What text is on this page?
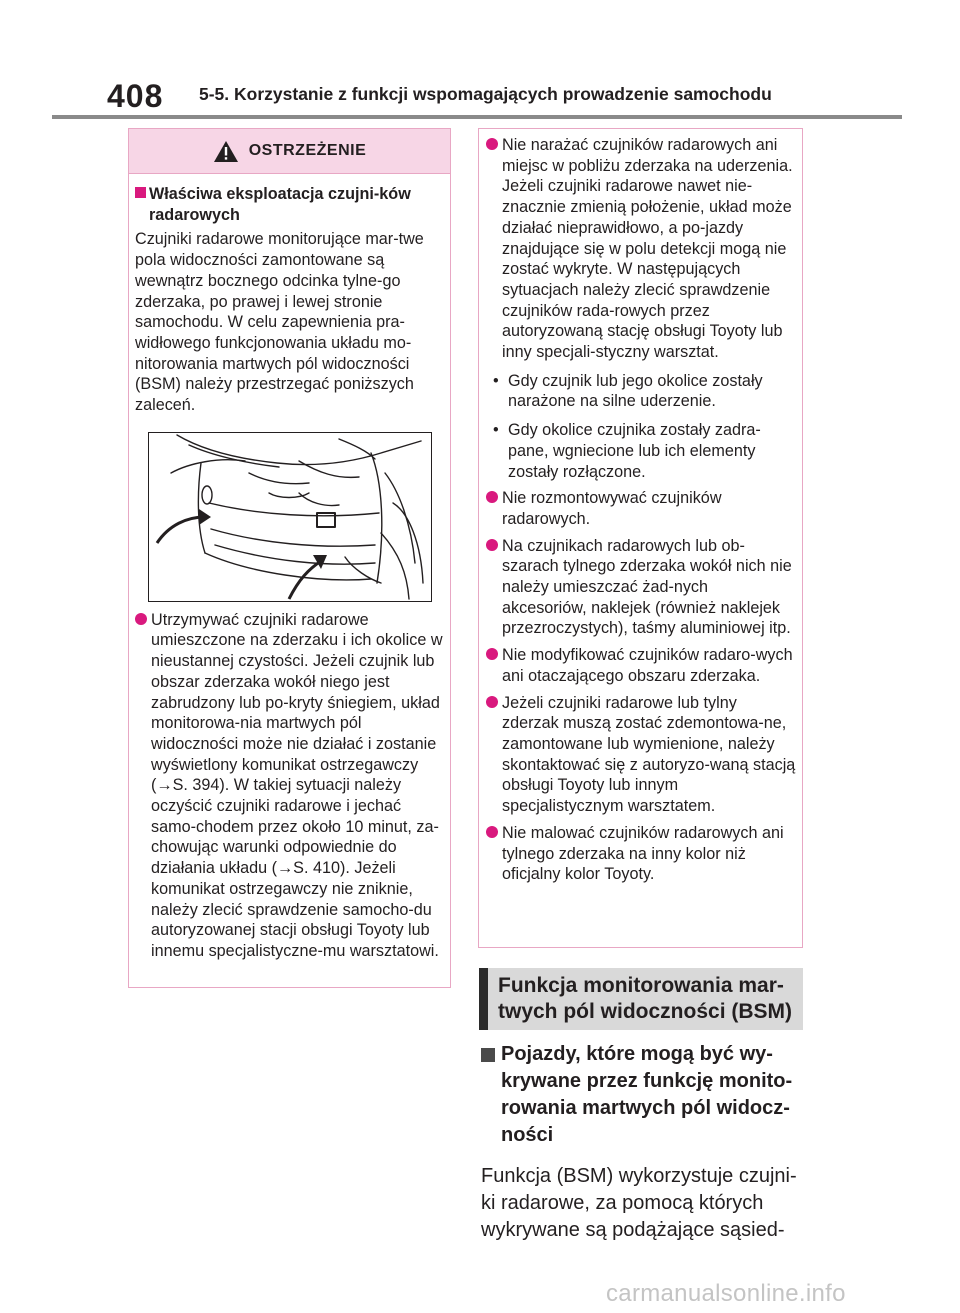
408 5-5. Korzystanie z funkcji wspomagających prowadzenie samochodu
OSTRZEŻENIE
Właściwa eksploatacja czujni-ków radarowych
Czujniki radarowe monitorujące mar-twe pola widoczności zamontowane są wewnątrz bocznego odcinka tylne-go zderzaka, po prawej i lewej stronie samochodu. W celu zapewnienia pra-widłowego funkcjonowania układu mo-nitorowania martwych pól widoczności (BSM) należy przestrzegać poniższych zaleceń.
Utrzymywać czujniki radarowe umieszczone na zderzaku i ich okolice w nieustannej czystości. Jeżeli czujnik lub obszar zderzaka wokół niego jest zabrudzony lub po-kryty śniegiem, układ monitorowa-nia martwych pól widoczności może nie działać i zostanie wyświetlony komunikat ostrzegawczy (→S. 394). W takiej sytuacji należy oczyścić czujniki radarowe i jechać samo-chodem przez około 10 minut, za-chowując warunki odpowiednie do działania układu (→S. 410). Jeżeli komunikat ostrzegawczy nie zniknie, należy zlecić sprawdzenie samocho-du autoryzowanej stacji obsługi Toyoty lub innemu specjalistyczne-mu warsztatowi.
Nie narażać czujników radarowych ani miejsc w pobliżu zderzaka na uderzenia. Jeżeli czujniki radarowe nawet nie-znacznie zmienią położenie, układ może działać nieprawidłowo, a po-jazdy znajdujące się w polu detekcji mogą nie zostać wykryte. W następujących sytuacjach należy zlecić sprawdzenie czujników rada-rowych przez autoryzowaną stację obsługi Toyoty lub inny specjali-styczny warsztat.
• Gdy czujnik lub jego okolice zostały narażone na silne uderzenie.
• Gdy okolice czujnika zostały zadra-pane, wgniecione lub ich elementy zostały rozłączone.
Nie rozmontowywać czujników radarowych.
Na czujnikach radarowych lub ob-szarach tylnego zderzaka wokół nich nie należy umieszczać żad-nych akcesoriów, naklejek (również naklejek przezroczystych), taśmy aluminiowej itp.
Nie modyfikować czujników radaro-wych ani otaczającego obszaru zderzaka.
Jeżeli czujniki radarowe lub tylny zderzak muszą zostać zdemontowa-ne, zamontowane lub wymienione, należy skontaktować się z autoryzo-waną stacją obsługi Toyoty lub innym specjalistycznym warsztatem.
Nie malować czujników radarowych ani tylnego zderzaka na inny kolor niż oficjalny kolor Toyoty.
Funkcja monitorowania mar-twych pól widoczności (BSM)
Pojazdy, które mogą być wy-krywane przez funkcję monito-rowania martwych pól widocz-ności
Funkcja (BSM) wykorzystuje czujni-ki radarowe, za pomocą których wykrywane są podążające sąsied-
carmanualsonline.info
